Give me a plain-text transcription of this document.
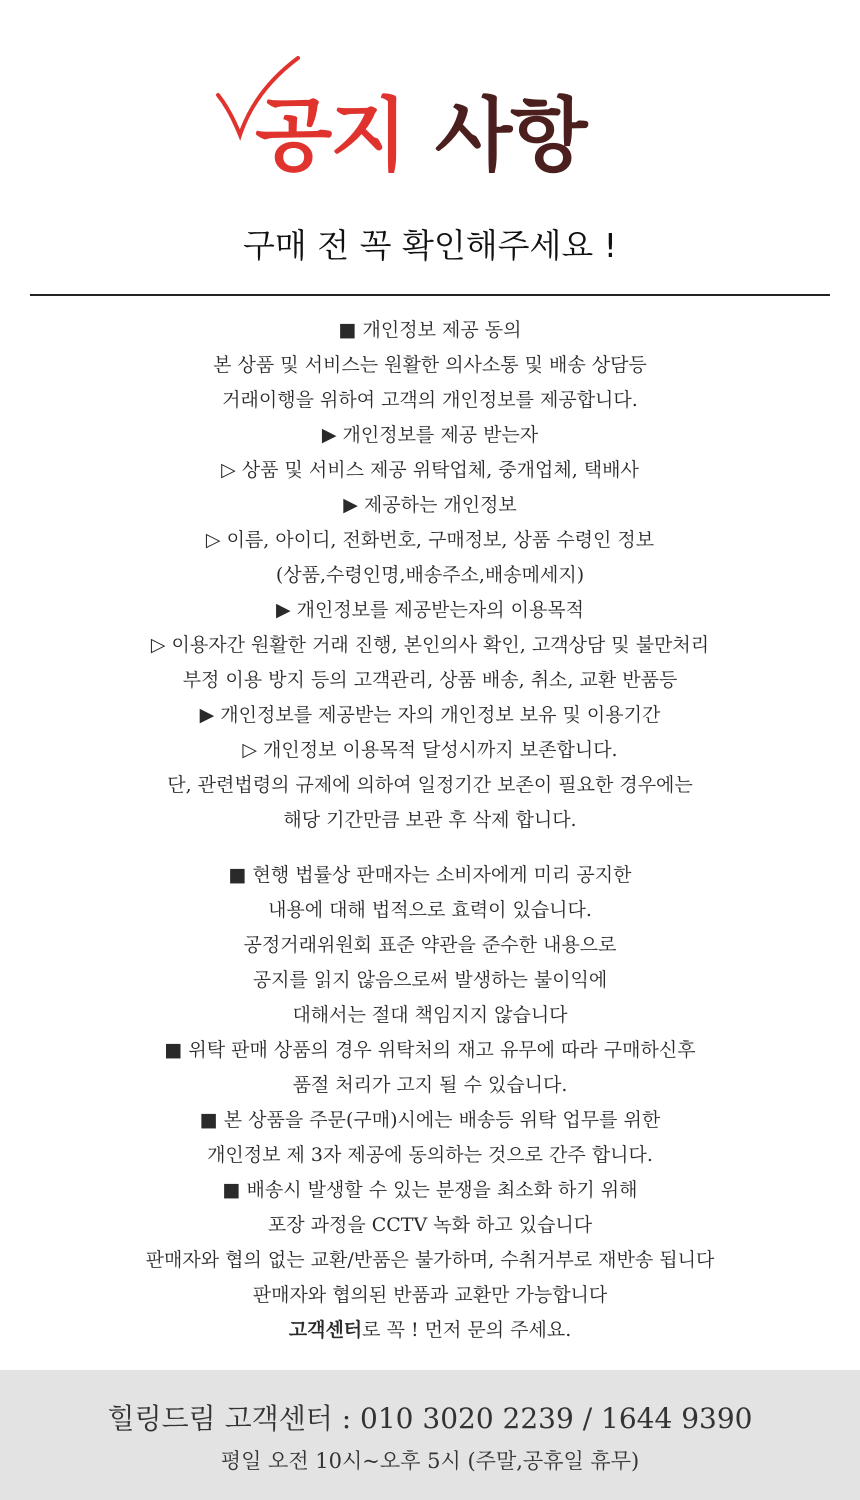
공지 사항
구매 전 꼭 확인해주세요 !
■ 개인정보 제공 동의
본 상품 및 서비스는 원활한 의사소통 및 배송 상담등
거래이행을 위하여 고객의 개인정보를 제공합니다.
▶ 개인정보를 제공 받는자
▷ 상품 및 서비스 제공 위탁업체, 중개업체, 택배사
▶ 제공하는 개인정보
▷ 이름, 아이디, 전화번호, 구매정보, 상품 수령인 정보
(상품,수령인명,배송주소,배송메세지)
▶ 개인정보를 제공받는자의 이용목적
▷ 이용자간 원활한 거래 진행, 본인의사 확인, 고객상담 및 불만처리
부정 이용 방지 등의 고객관리, 상품 배송, 취소, 교환 반품등
▶ 개인정보를 제공받는 자의 개인정보 보유 및 이용기간
▷ 개인정보 이용목적 달성시까지 보존합니다.
단, 관련법령의 규제에 의하여 일정기간 보존이 필요한 경우에는
해당 기간만큼 보관 후 삭제 합니다.
■ 현행 법률상 판매자는 소비자에게 미리 공지한
내용에 대해 법적으로 효력이 있습니다.
공정거래위원회 표준 약관을 준수한 내용으로
공지를 읽지 않음으로써 발생하는 불이익에
대해서는 절대 책임지지 않습니다
■ 위탁 판매 상품의 경우 위탁처의 재고 유무에 따라 구매하신후
품절 처리가 고지 될 수 있습니다.
■ 본 상품을 주문(구매)시에는 배송등 위탁 업무를 위한
개인정보 제 3자 제공에 동의하는 것으로 간주 합니다.
■ 배송시 발생할 수 있는 분쟁을 최소화 하기 위해
포장 과정을 CCTV 녹화 하고 있습니다
판매자와 협의 없는 교환/반품은 불가하며, 수취거부로 재반송 됩니다
판매자와 협의된 반품과 교환만 가능합니다
고객센터로 꼭 ! 먼저 문의 주세요.
힐링드림 고객센터 : 010 3020 2239 / 1644 9390
평일 오전 10시~오후 5시 (주말,공휴일 휴무)
